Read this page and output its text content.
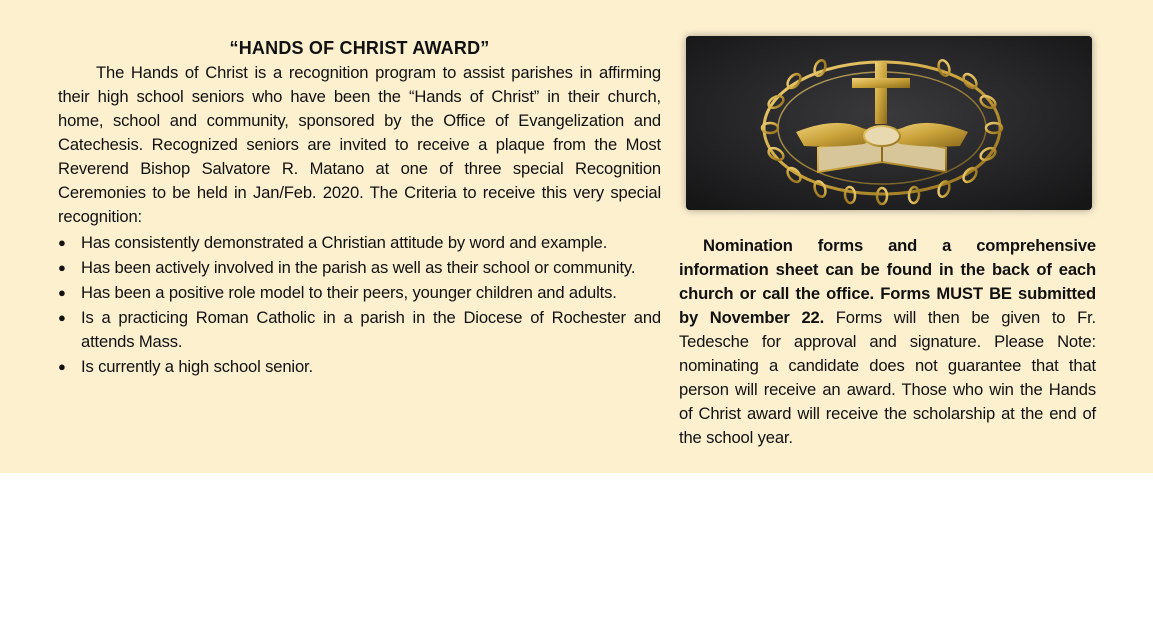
“HANDS OF CHRIST AWARD”

The Hands of Christ is a recognition program to assist parishes in affirming their high school seniors who have been the “Hands of Christ” in their church, home, school and community, sponsored by the Office of Evangelization and Catechesis. Recognized seniors are invited to receive a plaque from the Most Reverend Bishop Salvatore R. Matano at one of three special Recognition Ceremonies to be held in Jan/Feb. 2020. The Criteria to receive this very special recognition:

● Has consistently demonstrated a Christian attitude by word and example.
● Has been actively involved in the parish as well as their school or community.
● Has been a positive role model to their peers, younger children and adults.
● Is a practicing Roman Catholic in a parish in the Diocese of Rochester and attends Mass.
● Is currently a high school senior.

Nomination forms and a comprehensive information sheet can be found in the back of each church or call the office. Forms MUST BE submitted by November 22. Forms will then be given to Fr. Tedesche for approval and signature. Please Note: nominating a candidate does not guarantee that that person will receive an award. Those who win the Hands of Christ award will receive the scholarship at the end of the school year.
